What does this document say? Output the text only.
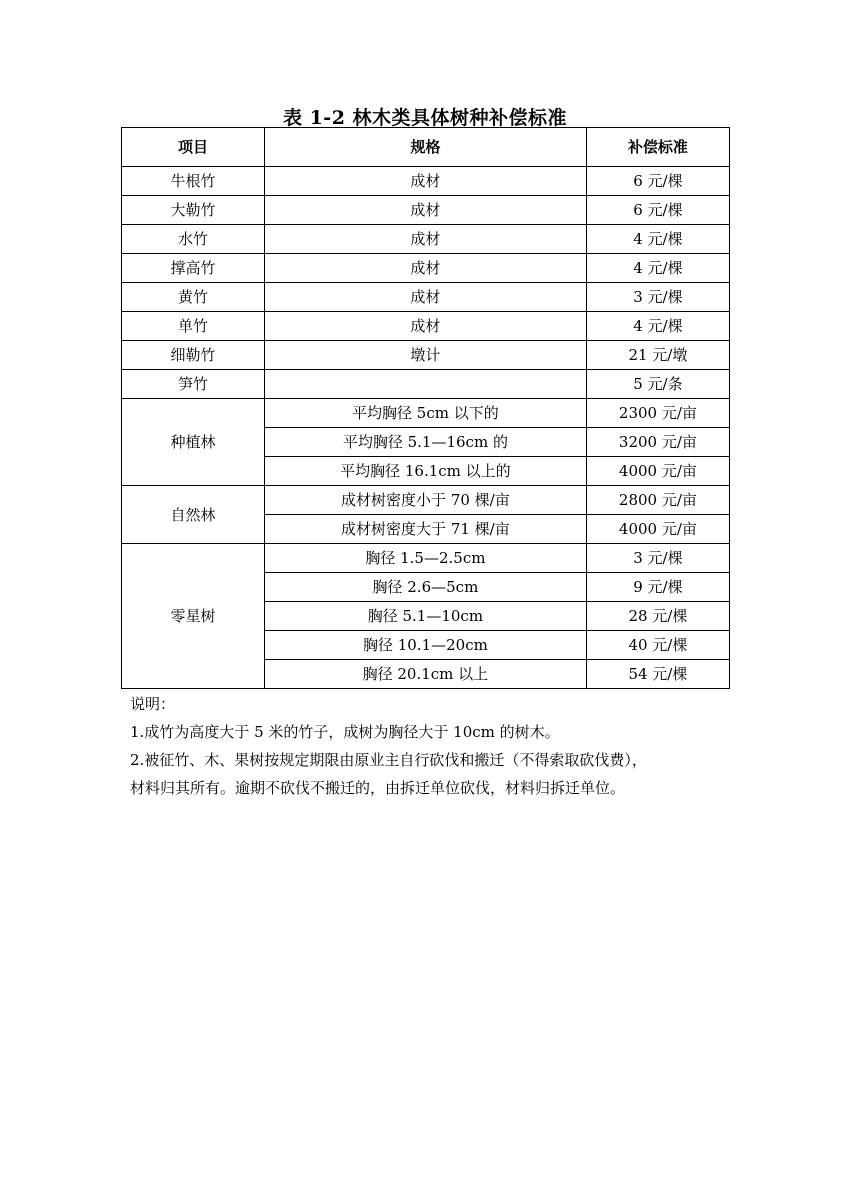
表 1-2 林木类具体树种补偿标准
项目	规格	补偿标准
牛根竹	成材	6 元/棵
大勒竹	成材	6 元/棵
水竹	成材	4 元/棵
撑高竹	成材	4 元/棵
黄竹	成材	3 元/棵
单竹	成材	4 元/棵
细勒竹	墩计	21 元/墩
笋竹		5 元/条
种植林	平均胸径 5cm 以下的	2300 元/亩
	平均胸径 5.1—16cm 的	3200 元/亩
	平均胸径 16.1cm 以上的	4000 元/亩
自然林	成材树密度小于 70 棵/亩	2800 元/亩
	成材树密度大于 71 棵/亩	4000 元/亩
零星树	胸径 1.5—2.5cm	3 元/棵
	胸径 2.6—5cm	9 元/棵
	胸径 5.1—10cm	28 元/棵
	胸径 10.1—20cm	40 元/棵
	胸径 20.1cm 以上	54 元/棵

说明：

1.成竹为高度大于 5 米的竹子，成树为胸径大于 10cm 的树木。

2.被征竹、木、果树按规定期限由原业主自行砍伐和搬迁（不得索取砍伐费），

材料归其所有。逾期不砍伐不搬迁的，由拆迁单位砍伐，材料归拆迁单位。
